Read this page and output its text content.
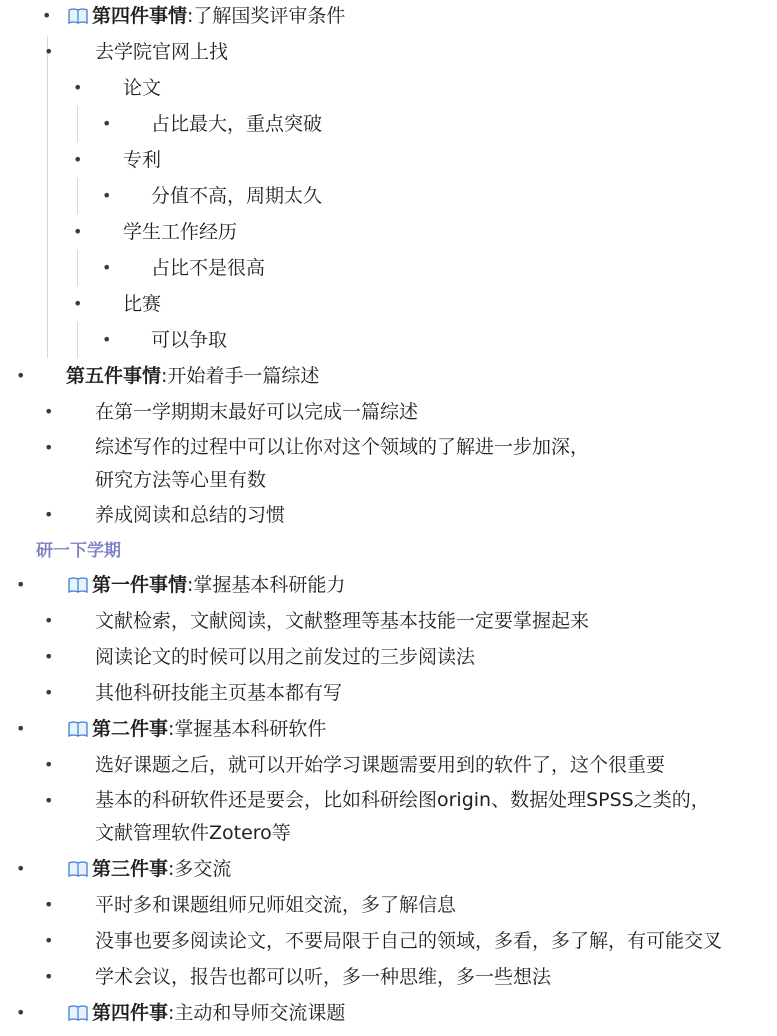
•	第四件事情:了解国奖评审条件
• 去学院官网上找
• 论文
• 占比最大，重点突破
• 专利
• 分值不高，周期太久
• 学生工作经历
• 占比不是很高
• 比赛
• 可以争取
• 第五件事情:开始着手一篇综述
• 在第一学期期末最好可以完成一篇综述
• 综述写作的过程中可以让你对这个领域的了解进一步加深，
研究方法等心里有数
• 养成阅读和总结的习惯
研一下学期
•	第一件事情:掌握基本科研能力
• 文献检索，文献阅读，文献整理等基本技能一定要掌握起来
• 阅读论文的时候可以用之前发过的三步阅读法
• 其他科研技能主页基本都有写
•	第二件事:掌握基本科研软件
• 选好课题之后，就可以开始学习课题需要用到的软件了，这个很重要
• 基本的科研软件还是要会，比如科研绘图origin、数据处理SPSS之类的，
文献管理软件Zotero等
•	第三件事:多交流
• 平时多和课题组师兄师姐交流，多了解信息
• 没事也要多阅读论文，不要局限于自己的领域，多看，多了解，有可能交叉
• 学术会议，报告也都可以听，多一种思维，多一些想法
•	第四件事:主动和导师交流课题
